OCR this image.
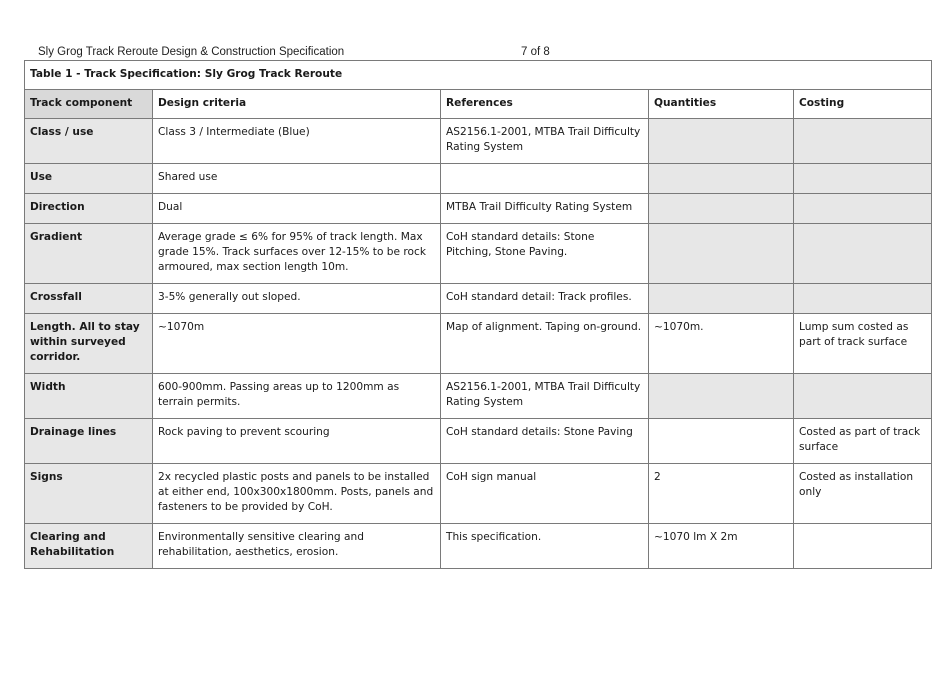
Sly Grog Track Reroute Design & Construction Specification	7 of 8
Table 1 - Track Specification: Sly Grog Track Reroute				
Track component	Design criteria	References	Quantities	Costing
Class / use	Class 3 / Intermediate (Blue)	AS2156.1-2001, MTBA Trail Difficulty Rating System		
Use	Shared use			
Direction	Dual	MTBA Trail Difficulty Rating System		
Gradient	Average grade ≤ 6% for 95% of track length. Max grade 15%. Track surfaces over 12-15% to be rock armoured, max section length 10m.	CoH standard details: Stone Pitching, Stone Paving.		
Crossfall	3-5% generally out sloped.	CoH standard detail: Track profiles.		
Length. All to stay within surveyed corridor.	~1070m	Map of alignment. Taping on-ground.	~1070m.	Lump sum costed as part of track surface
Width	600-900mm. Passing areas up to 1200mm as terrain permits.	AS2156.1-2001, MTBA Trail Difficulty Rating System		
Drainage lines	Rock paving to prevent scouring	CoH standard details: Stone Paving		Costed as part of track surface
Signs	2x recycled plastic posts and panels to be installed at either end, 100x300x1800mm. Posts, panels and fasteners to be provided by CoH.	CoH sign manual	2	Costed as installation only
Clearing and Rehabilitation	Environmentally sensitive clearing and rehabilitation, aesthetics, erosion.	This specification.	~1070 lm X 2m	
